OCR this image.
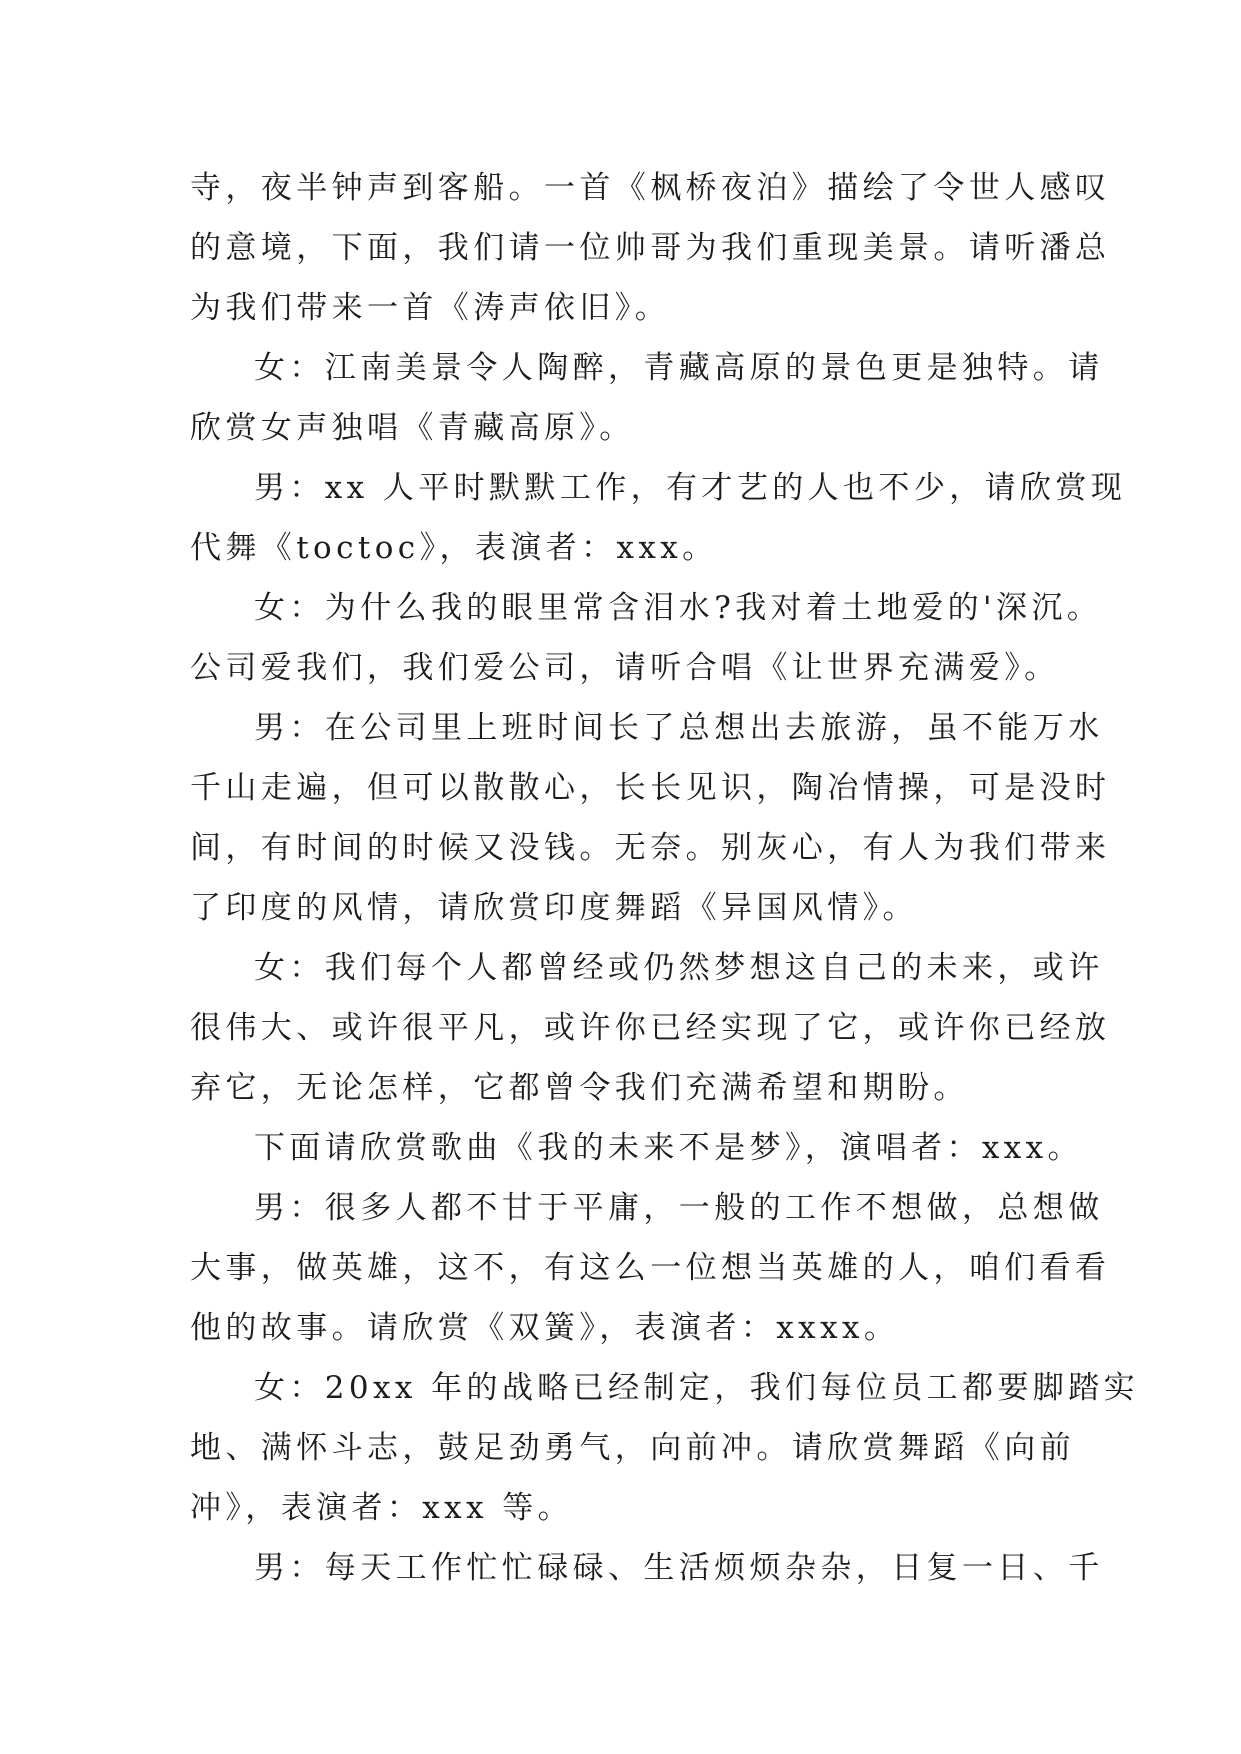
寺，夜半钟声到客船。一首《枫桥夜泊》描绘了令世人感叹
的意境，下面，我们请一位帅哥为我们重现美景。请听潘总
为我们带来一首《涛声依旧》。
女：江南美景令人陶醉，青藏高原的景色更是独特。请
欣赏女声独唱《青藏高原》。
男：xx 人平时默默工作，有才艺的人也不少，请欣赏现
代舞《toctoc》，表演者：xxx。
女：为什么我的眼里常含泪水?我对着土地爱的'深沉。
公司爱我们，我们爱公司，请听合唱《让世界充满爱》。
男：在公司里上班时间长了总想出去旅游，虽不能万水
千山走遍，但可以散散心，长长见识，陶冶情操，可是没时
间，有时间的时候又没钱。无奈。别灰心，有人为我们带来
了印度的风情，请欣赏印度舞蹈《异国风情》。
女：我们每个人都曾经或仍然梦想这自己的未来，或许
很伟大、或许很平凡，或许你已经实现了它，或许你已经放
弃它，无论怎样，它都曾令我们充满希望和期盼。
下面请欣赏歌曲《我的未来不是梦》，演唱者：xxx。
男：很多人都不甘于平庸，一般的工作不想做，总想做
大事，做英雄，这不，有这么一位想当英雄的人，咱们看看
他的故事。请欣赏《双簧》，表演者：xxxx。
女：20xx 年的战略已经制定，我们每位员工都要脚踏实
地、满怀斗志，鼓足劲勇气，向前冲。请欣赏舞蹈《向前
冲》，表演者：xxx 等。
男：每天工作忙忙碌碌、生活烦烦杂杂，日复一日、千
